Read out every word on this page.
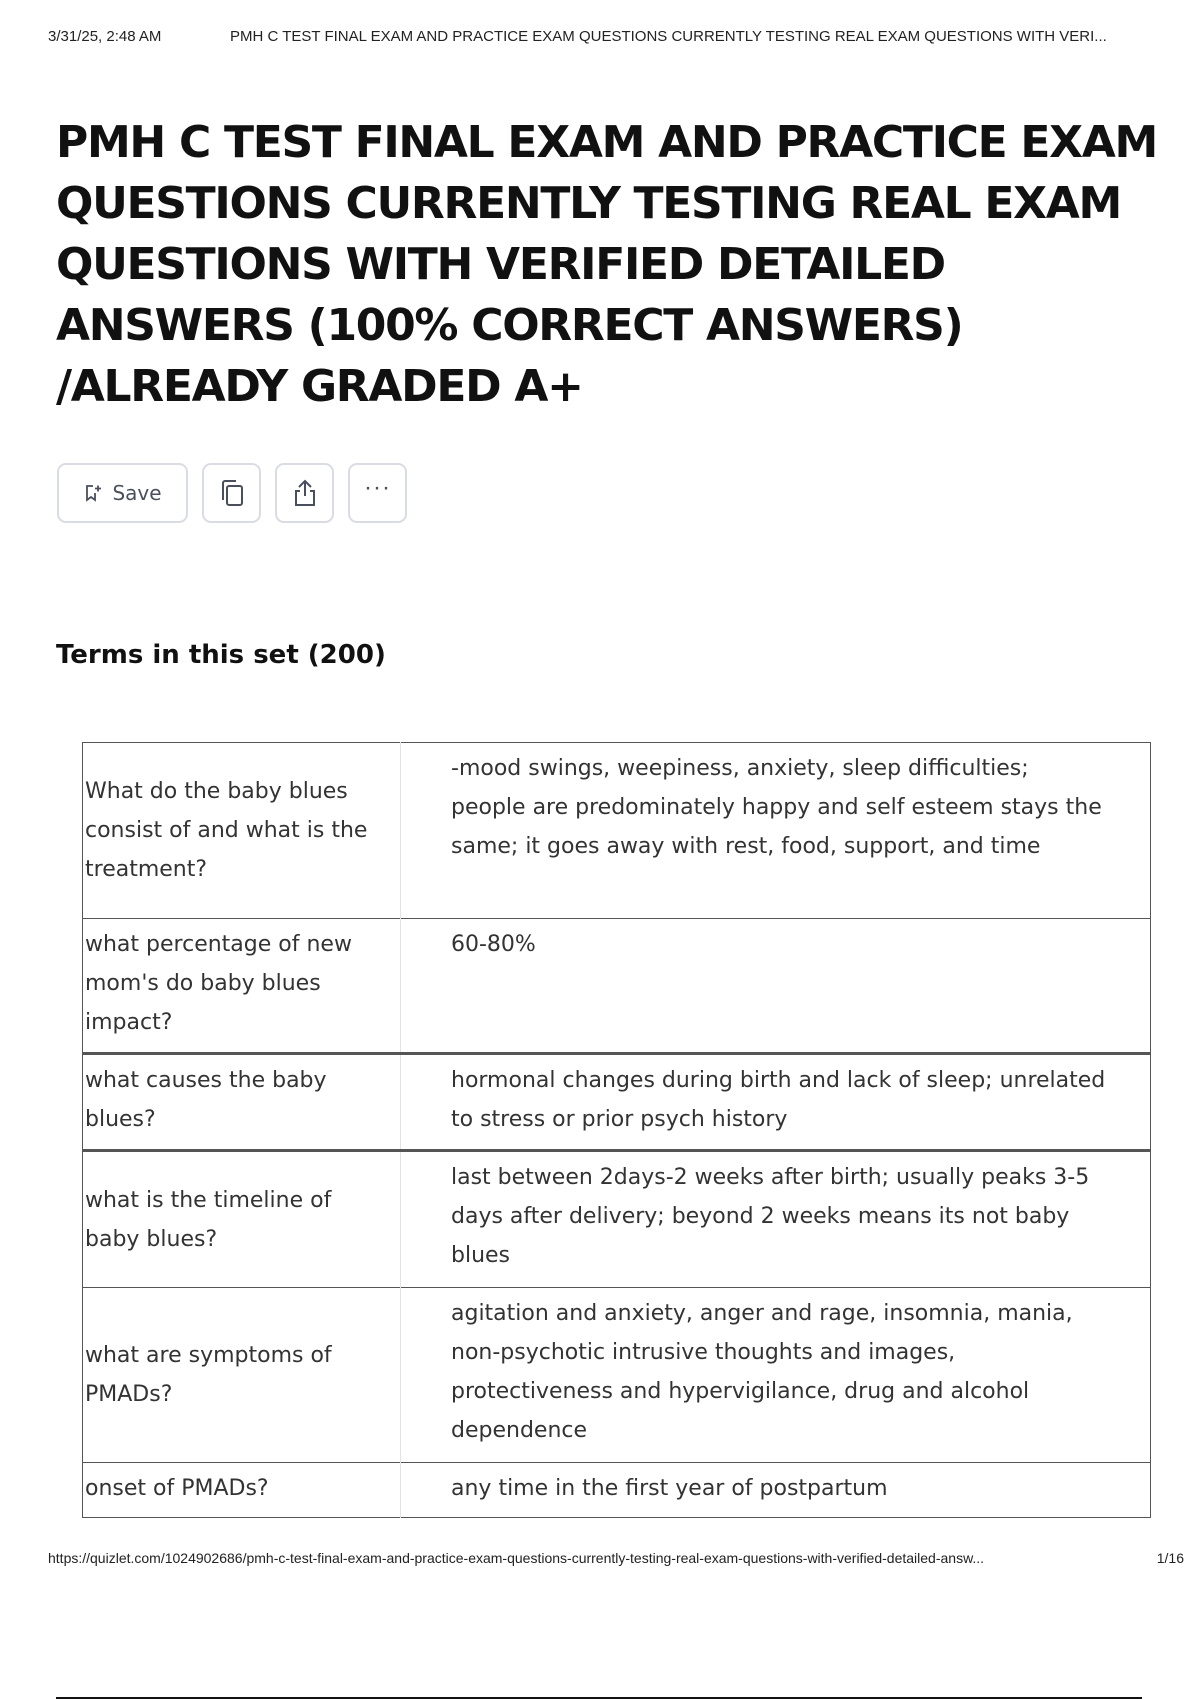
3/31/25, 2:48 AM	PMH C TEST FINAL EXAM AND PRACTICE EXAM QUESTIONS CURRENTLY TESTING REAL EXAM QUESTIONS WITH VERI...
PMH C TEST FINAL EXAM AND PRACTICE EXAM QUESTIONS CURRENTLY TESTING REAL EXAM QUESTIONS WITH VERIFIED DETAILED ANSWERS (100% CORRECT ANSWERS) /ALREADY GRADED A+
Save	···
Terms in this set (200)
What do the baby blues consist of and what is the treatment?	-mood swings, weepiness, anxiety, sleep difficulties; people are predominately happy and self esteem stays the same; it goes away with rest, food, support, and time
what percentage of new mom's do baby blues impact?	60-80%
what causes the baby blues?	hormonal changes during birth and lack of sleep; unrelated to stress or prior psych history
what is the timeline of baby blues?	last between 2days-2 weeks after birth; usually peaks 3-5 days after delivery; beyond 2 weeks means its not baby blues
what are symptoms of PMADs?	agitation and anxiety, anger and rage, insomnia, mania, non-psychotic intrusive thoughts and images, protectiveness and hypervigilance, drug and alcohol dependence
onset of PMADs?	any time in the first year of postpartum
https://quizlet.com/1024902686/pmh-c-test-final-exam-and-practice-exam-questions-currently-testing-real-exam-questions-with-verified-detailed-answ...	1/16
